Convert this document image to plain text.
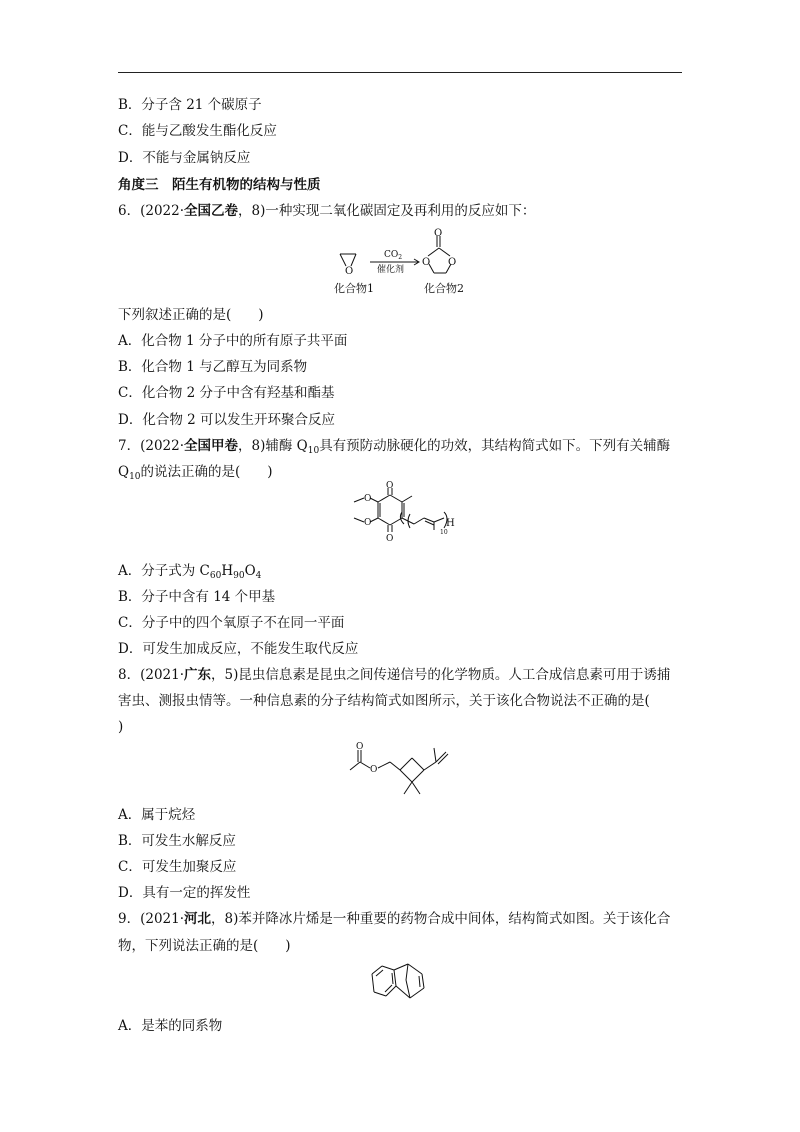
B．分子含 21 个碳原子
C．能与乙酸发生酯化反应
D．不能与金属钠反应
角度三　陌生有机物的结构与性质
6．(2022·全国乙卷，8)一种实现二氧化碳固定及再利用的反应如下：
O
$CO_2$
催化剂
O
O O
化合物1	化合物2
下列叙述正确的是(　　)
A．化合物 1 分子中的所有原子共平面
B．化合物 1 与乙醇互为同系物
C．化合物 2 分子中含有羟基和酯基
D．化合物 2 可以发生开环聚合反应
7．(2022·全国甲卷，8)辅酶 $Q_{10}$具有预防动脉硬化的功效，其结构简式如下。下列有关辅酶
$Q_{10}$的说法正确的是(　　)
O
O
O
O	H
10
A．分子式为 $C_{60}H_{90}O_4$
B．分子中含有 14 个甲基
C．分子中的四个氧原子不在同一平面
D．可发生加成反应，不能发生取代反应
8．(2021·广东，5)昆虫信息素是昆虫之间传递信号的化学物质。人工合成信息素可用于诱捕
害虫、测报虫情等。一种信息素的分子结构简式如图所示，关于该化合物说法不正确的是(
)
O
O
A．属于烷烃
B．可发生水解反应
C．可发生加聚反应
D．具有一定的挥发性
9．(2021·河北，8)苯并降冰片烯是一种重要的药物合成中间体，结构简式如图。关于该化合
物，下列说法正确的是(　　)
A．是苯的同系物
